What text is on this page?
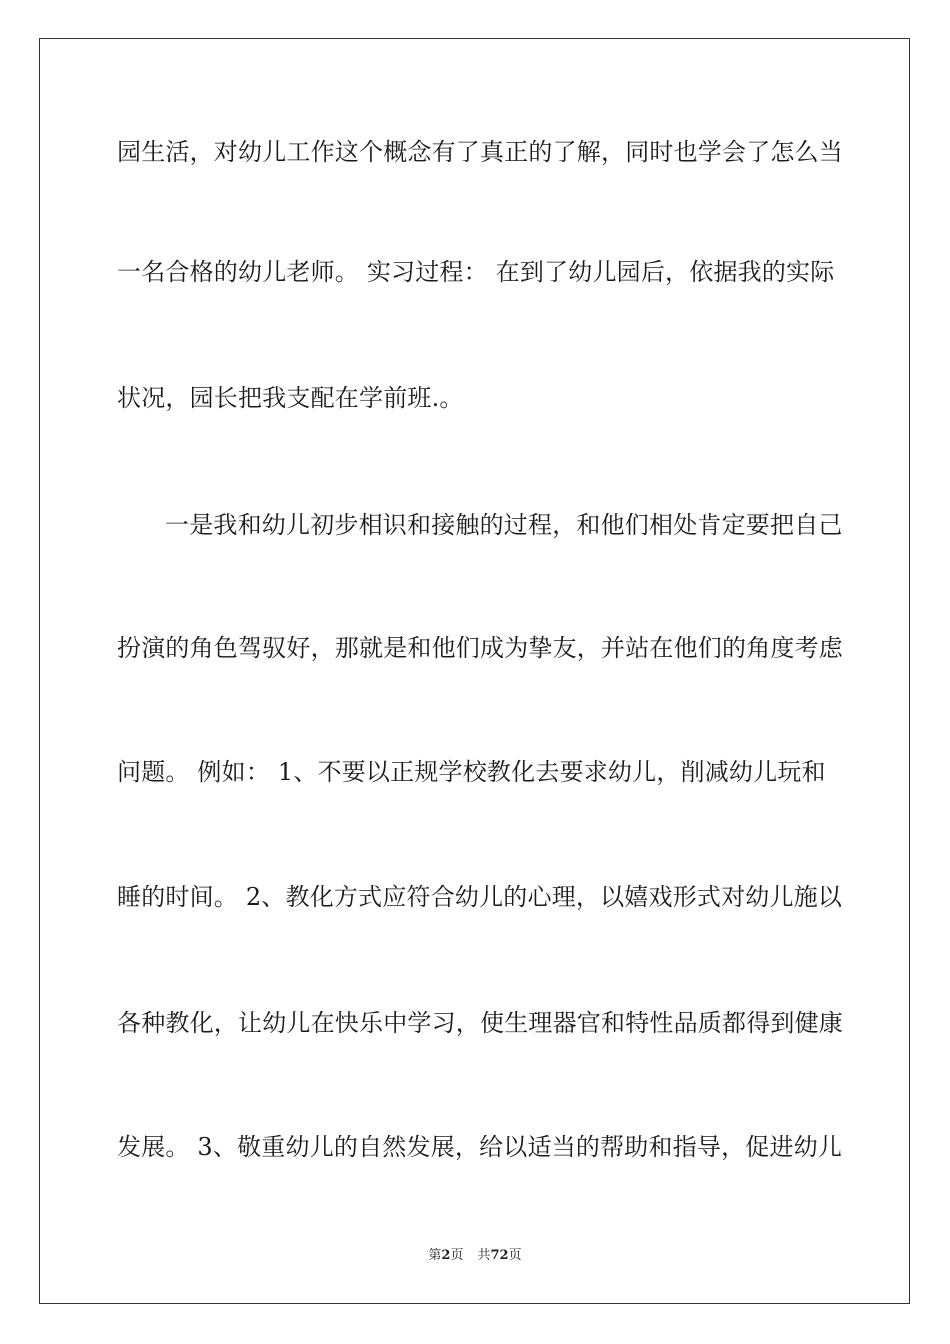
园生活，对幼儿工作这个概念有了真正的了解，同时也学会了怎么当
一名合格的幼儿老师。 实习过程： 在到了幼儿园后，依据我的实际
状况，园长把我支配在学前班.。
一是我和幼儿初步相识和接触的过程，和他们相处肯定要把自己
扮演的角色驾驭好，那就是和他们成为挚友，并站在他们的角度考虑
问题。 例如： 1、不要以正规学校教化去要求幼儿，削减幼儿玩和
睡的时间。 2、教化方式应符合幼儿的心理，以嬉戏形式对幼儿施以
各种教化，让幼儿在快乐中学习，使生理器官和特性品质都得到健康
发展。 3、敬重幼儿的自然发展，给以适当的帮助和指导，促进幼儿
第2页 共72页
